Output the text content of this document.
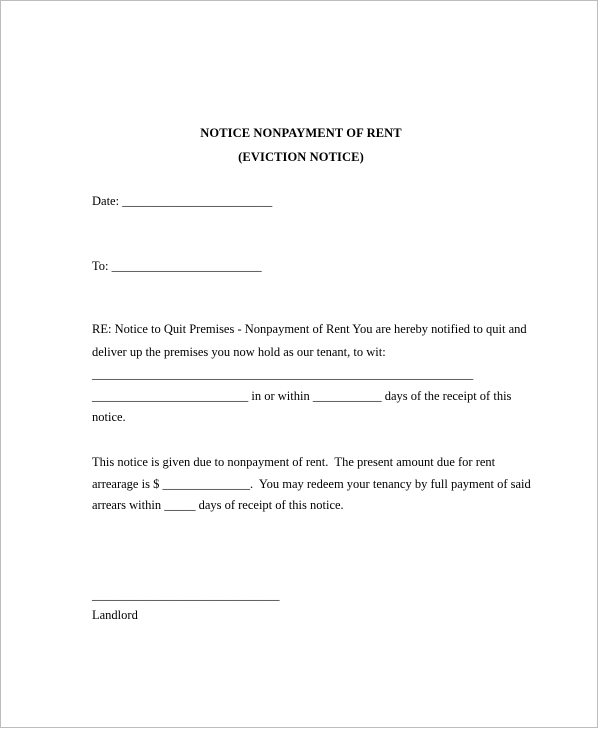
NOTICE NONPAYMENT OF RENT
(EVICTION NOTICE)
Date: ________________________
To: ________________________
RE: Notice to Quit Premises - Nonpayment of Rent You are hereby notified to quit and
deliver up the premises you now hold as our tenant, to wit:
_____________________________________________________________
_________________________ in or within ___________ days of the receipt of this
notice.
This notice is given due to nonpayment of rent.  The present amount due for rent
arrearage is $ ______________.  You may redeem your tenancy by full payment of said
arrears within _____ days of receipt of this notice.
______________________________
Landlord
